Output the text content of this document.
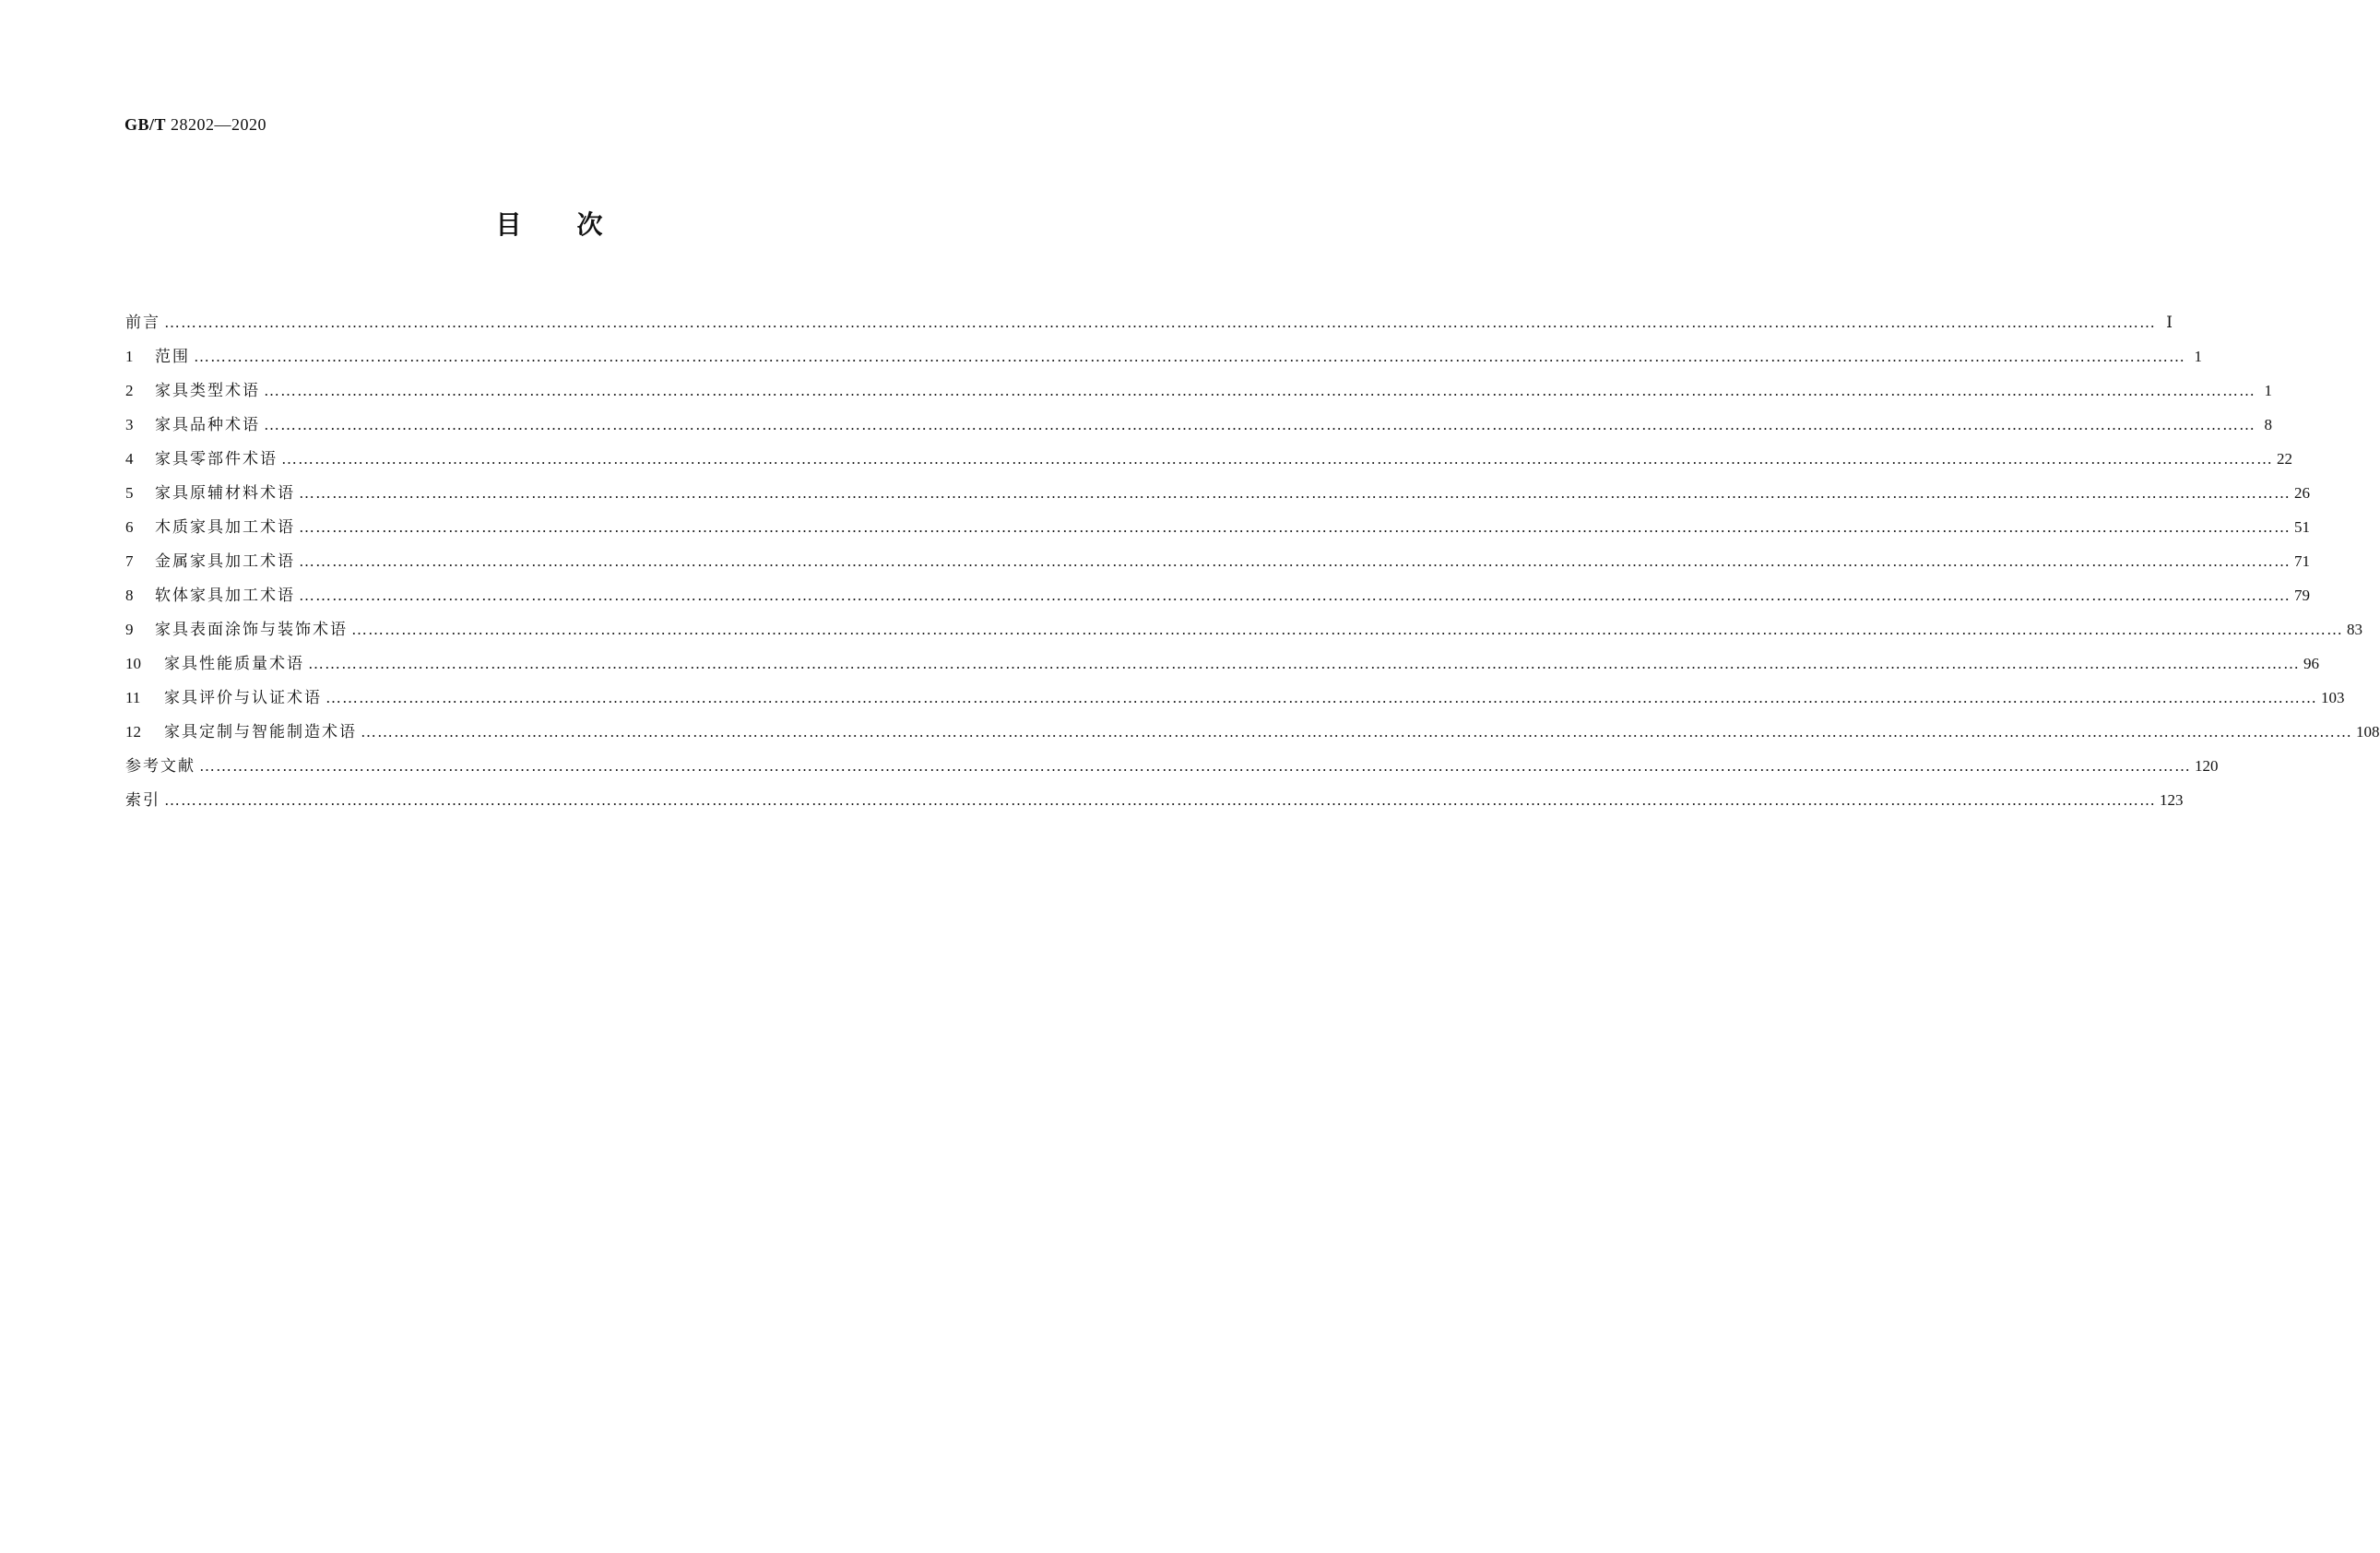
GB/T 28202—2020
目次
前言 ……………………………………………………………………………………………………………………………………………………………………………………………………………………………………………………………………………………………………………………………… Ⅰ
1 范围 ……………………………………………………………………………………………………………………………………………………………………………………………………………………………………………………………………………………………………………………………… 1
2 家具类型术语 ……………………………………………………………………………………………………………………………………………………………………………………………………………………………………………………………………………………………………………………………… 1
3 家具品种术语 ……………………………………………………………………………………………………………………………………………………………………………………………………………………………………………………………………………………………………………………………… 8
4 家具零部件术语 ……………………………………………………………………………………………………………………………………………………………………………………………………………………………………………………………………………………………………………………………… 22
5 家具原辅材料术语 ……………………………………………………………………………………………………………………………………………………………………………………………………………………………………………………………………………………………………………………………… 26
6 木质家具加工术语 ……………………………………………………………………………………………………………………………………………………………………………………………………………………………………………………………………………………………………………………………… 51
7 金属家具加工术语 ……………………………………………………………………………………………………………………………………………………………………………………………………………………………………………………………………………………………………………………………… 71
8 软体家具加工术语 ……………………………………………………………………………………………………………………………………………………………………………………………………………………………………………………………………………………………………………………………… 79
9 家具表面涂饰与装饰术语 ……………………………………………………………………………………………………………………………………………………………………………………………………………………………………………………………………………………………………………………………… 83
10 家具性能质量术语 ……………………………………………………………………………………………………………………………………………………………………………………………………………………………………………………………………………………………………………………………… 96
11 家具评价与认证术语 ……………………………………………………………………………………………………………………………………………………………………………………………………………………………………………………………………………………………………………………………… 103
12 家具定制与智能制造术语 ……………………………………………………………………………………………………………………………………………………………………………………………………………………………………………………………………………………………………………………………… 108
参考文献 ……………………………………………………………………………………………………………………………………………………………………………………………………………………………………………………………………………………………………………………………… 120
索引 ……………………………………………………………………………………………………………………………………………………………………………………………………………………………………………………………………………………………………………………………… 123
